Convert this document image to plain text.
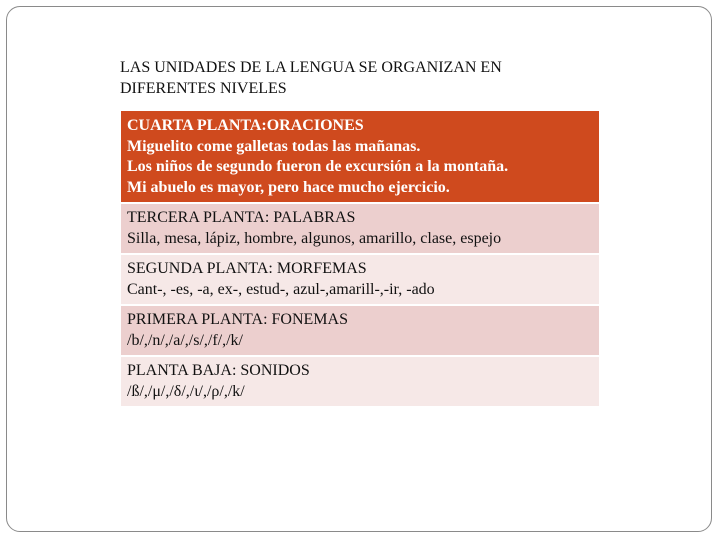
LAS UNIDADES DE LA LENGUA SE ORGANIZAN EN DIFERENTES NIVELES
CUARTA PLANTA:ORACIONES
Miguelito come galletas todas las mañanas.
Los niños de segundo fueron de excursión a la montaña.
Mi abuelo es mayor, pero hace mucho ejercicio.
TERCERA PLANTA: PALABRAS
Silla, mesa, lápiz, hombre, algunos, amarillo, clase, espejo
SEGUNDA PLANTA: MORFEMAS
Cant-, -es, -a, ex-, estud-, azul-,amarill-,-ir, -ado
PRIMERA PLANTA: FONEMAS
/b/,/n/,/a/,/s/,/f/,/k/
PLANTA BAJA: SONIDOS
/ß/,/μ/,/δ/,/ι/,/ρ/,/k/
